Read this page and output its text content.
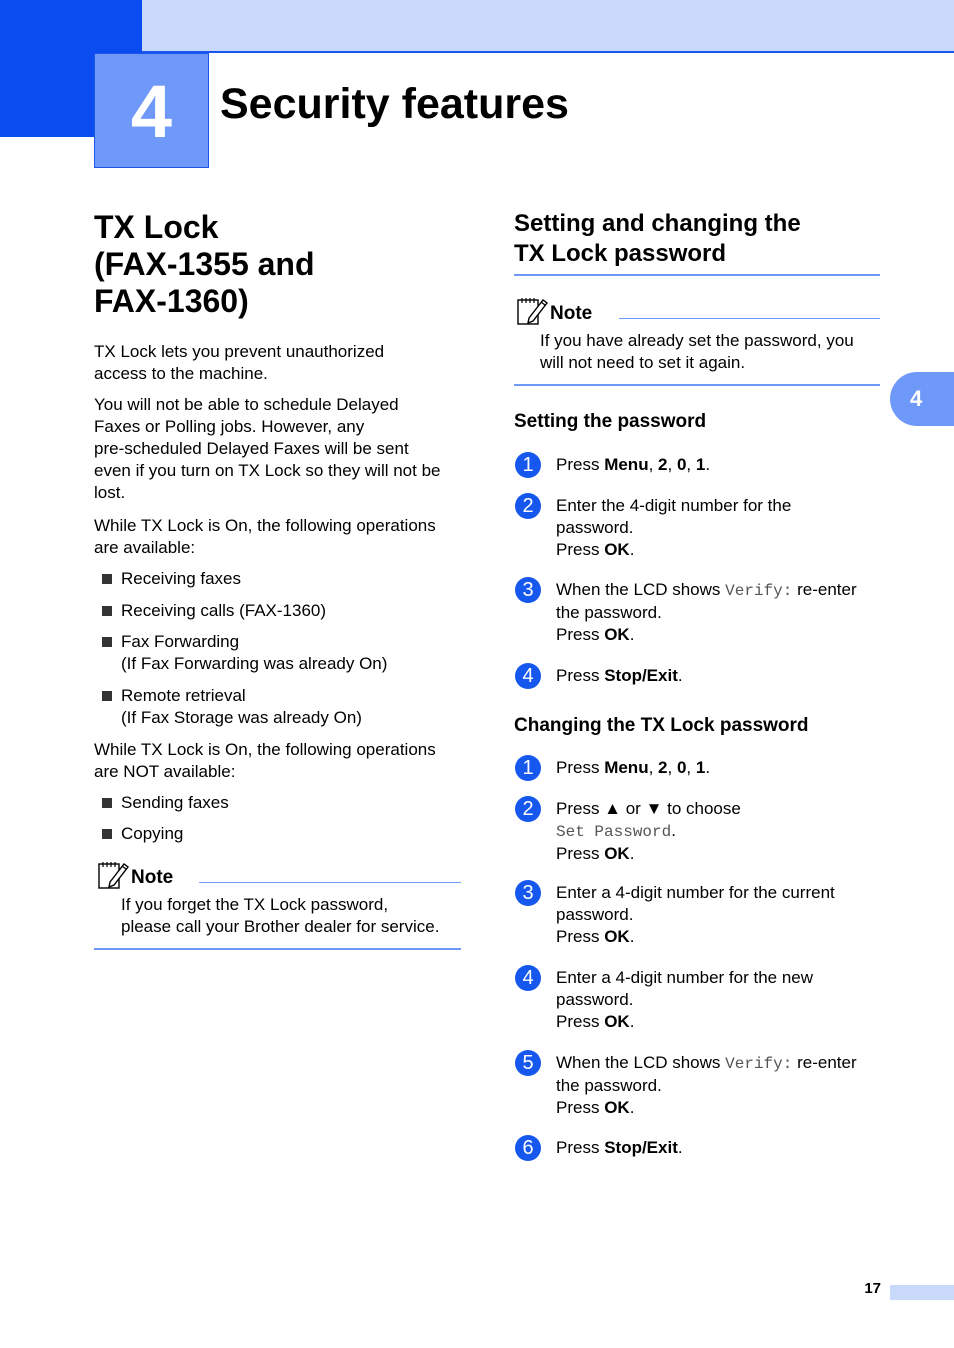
4	Security features
4
TX Lock
(FAX-1355 and
FAX-1360)
TX Lock lets you prevent unauthorized
access to the machine.
You will not be able to schedule Delayed
Faxes or Polling jobs. However, any
pre-scheduled Delayed Faxes will be sent
even if you turn on TX Lock so they will not be
lost.
While TX Lock is On, the following operations
are available:
Receiving faxes
Receiving calls (FAX-1360)
Fax Forwarding
(If Fax Forwarding was already On)
Remote retrieval
(If Fax Storage was already On)
While TX Lock is On, the following operations
are NOT available:
Sending faxes
Copying
Note
If you forget the TX Lock password,
please call your Brother dealer for service.
Setting and changing the
TX Lock password
Note
If you have already set the password, you
will not need to set it again.
Setting the password
1	Press Menu, 2, 0, 1.
2	Enter the 4-digit number for the
password.
Press OK.
3	When the LCD shows Verify: re-enter
the password.
Press OK.
4	Press Stop/Exit.
Changing the TX Lock password
1	Press Menu, 2, 0, 1.
2	Press ▲ or ▼ to choose
Set Password.
Press OK.
3	Enter a 4-digit number for the current
password.
Press OK.
4	Enter a 4-digit number for the new
password.
Press OK.
5	When the LCD shows Verify: re-enter
the password.
Press OK.
6	Press Stop/Exit.
17
